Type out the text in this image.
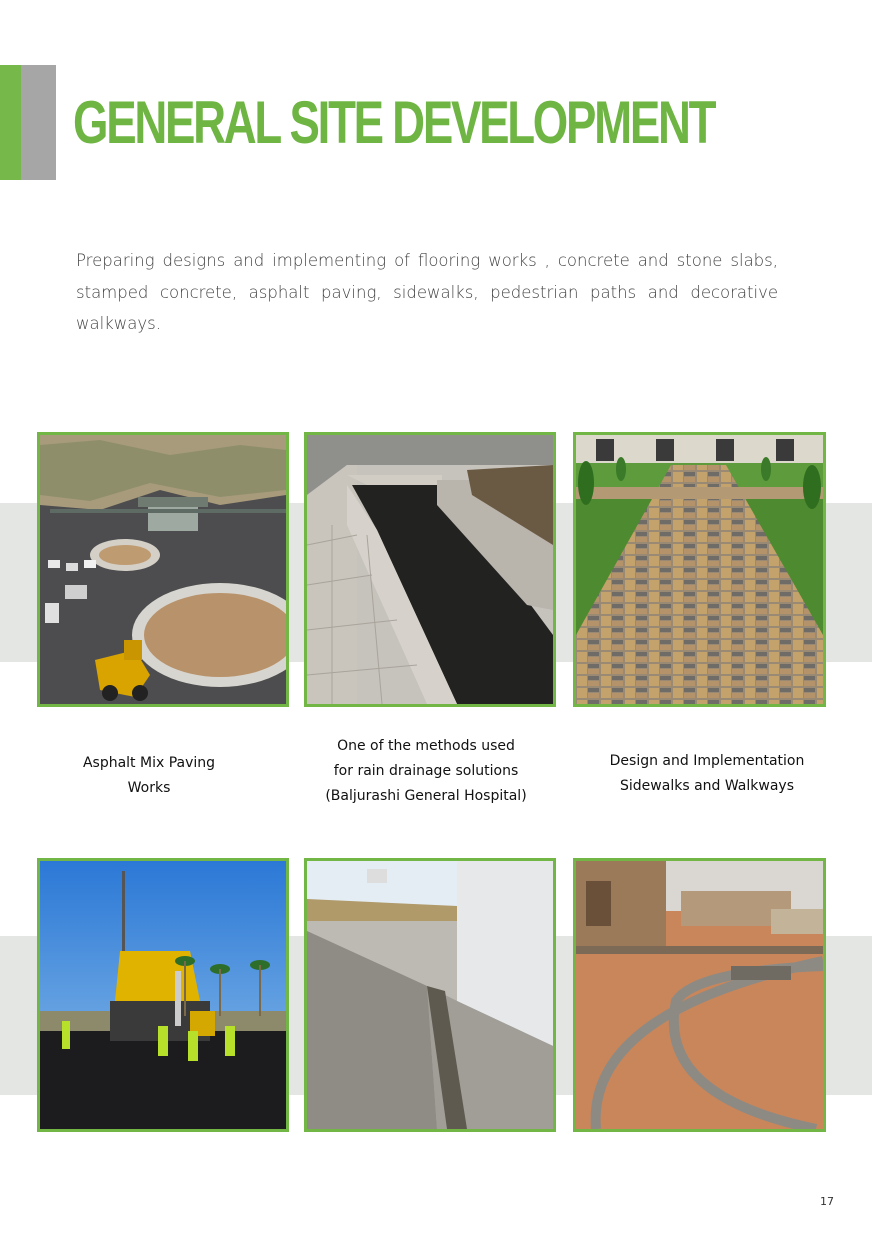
GENERAL SITE DEVELOPMENT

Preparing designs and implementing of flooring works , concrete and stone slabs, stamped concrete, asphalt paving, sidewalks, pedestrian paths and decorative walkways.

Asphalt Mix Paving
Works
One of the methods used
for rain drainage solutions
(Baljurashi General Hospital)
Design and Implementation
Sidewalks and Walkways
17
